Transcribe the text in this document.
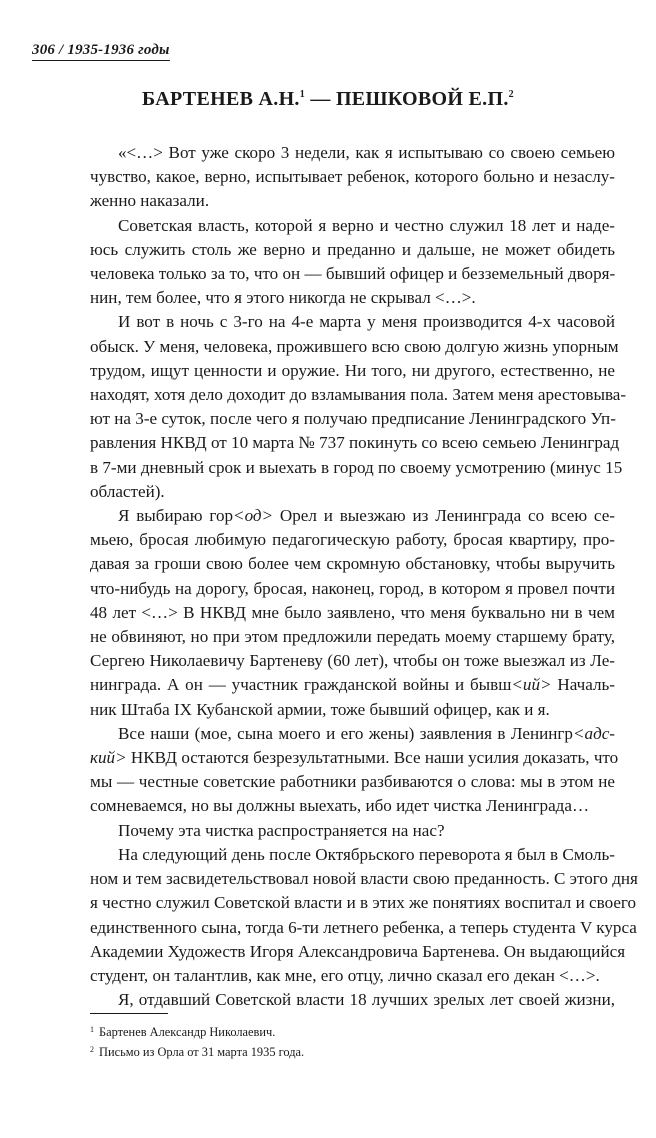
306 / 1935-1936 годы
БАРТЕНЕВ А.Н.$^1$ — ПЕШКОВОЙ Е.П.$^2$
«<…> Вот уже скоро 3 недели, как я испытываю со своею семьею
чувство, какое, верно, испытывает ребенок, которого больно и незаслу-
женно наказали.
Советская власть, которой я верно и честно служил 18 лет и наде-
юсь служить столь же верно и преданно и дальше, не может обидеть
человека только за то, что он — бывший офицер и безземельный дворя-
нин, тем более, что я этого никогда не скрывал <…>.
И вот в ночь с 3-го на 4-е марта у меня производится 4-х часовой
обыск. У меня, человека, прожившего всю свою долгую жизнь упорным
трудом, ищут ценности и оружие. Ни того, ни другого, естественно, не
находят, хотя дело доходит до взламывания пола. Затем меня арестовыва-
ют на 3-е суток, после чего я получаю предписание Ленинградского Уп-
равления НКВД от 10 марта № 737 покинуть со всею семьею Ленинград
в 7-ми дневный срок и выехать в город по своему усмотрению (минус 15
областей).
Я выбираю гор<од> Орел и выезжаю из Ленинграда со всею се-
мьею, бросая любимую педагогическую работу, бросая квартиру, про-
давая за гроши свою более чем скромную обстановку, чтобы выручить
что-нибудь на дорогу, бросая, наконец, город, в котором я провел почти
48 лет <…> В НКВД мне было заявлено, что меня буквально ни в чем
не обвиняют, но при этом предложили передать моему старшему брату,
Сергею Николаевичу Бартеневу (60 лет), чтобы он тоже выезжал из Ле-
нинграда. А он — участник гражданской войны и бывш<ий> Началь-
ник Штаба IX Кубанской армии, тоже бывший офицер, как и я.
Все наши (мое, сына моего и его жены) заявления в Ленингр<адс-
кий> НКВД остаются безрезультатными. Все наши усилия доказать, что
мы — честные советские работники разбиваются о слова: мы в этом не
сомневаемся, но вы должны выехать, ибо идет чистка Ленинграда…
Почему эта чистка распространяется на нас?
На следующий день после Октябрьского переворота я был в Смоль-
ном и тем засвидетельствовал новой власти свою преданность. С этого дня
я честно служил Советской власти и в этих же понятиях воспитал и своего
единственного сына, тогда 6-ти летнего ребенка, а теперь студента V курса
Академии Художеств Игоря Александровича Бартенева. Он выдающийся
студент, он талантлив, как мне, его отцу, лично сказал его декан <…>.
Я, отдавший Советской власти 18 лучших зрелых лет своей жизни,
$^1$ Бартенев Александр Николаевич.
$^2$ Письмо из Орла от 31 марта 1935 года.
